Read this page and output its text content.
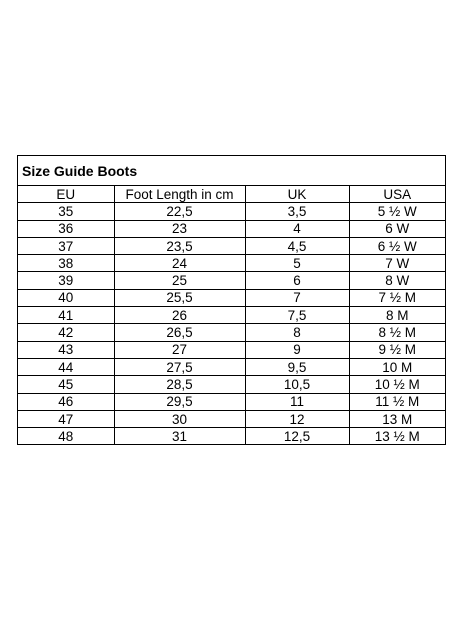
Size Guide Boots
EU	Foot Length in cm	UK	USA
35	22,5	3,5	5 ½ W
36	23	4	6 W
37	23,5	4,5	6 ½ W
38	24	5	7 W
39	25	6	8 W
40	25,5	7	7 ½ M
41	26	7,5	8 M
42	26,5	8	8 ½ M
43	27	9	9 ½ M
44	27,5	9,5	10 M
45	28,5	10,5	10 ½ M
46	29,5	11	11 ½ M
47	30	12	13 M
48	31	12,5	13 ½ M
